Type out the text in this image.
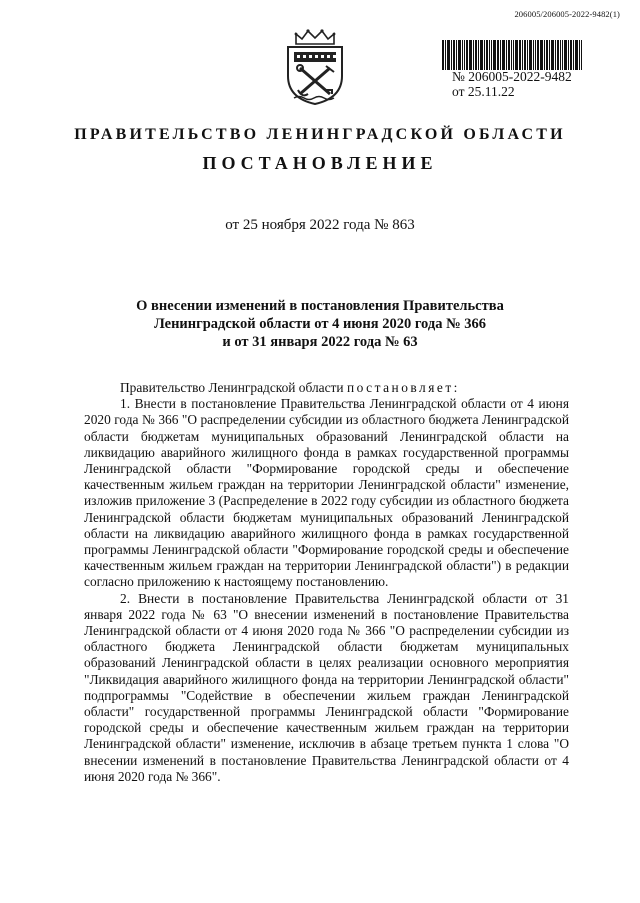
206005/206005-2022-9482(1)
№ 206005-2022-9482
от 25.11.22
ПРАВИТЕЛЬСТВО ЛЕНИНГРАДСКОЙ ОБЛАСТИ
ПОСТАНОВЛЕНИЕ
от 25 ноября 2022 года № 863
О внесении изменений в постановления Правительства
Ленинградской области от 4 июня 2020 года № 366
и от 31 января 2022 года № 63

Правительство Ленинградской области постановляет:

1. Внести в постановление Правительства Ленинградской области от 4 июня 2020 года № 366 "О распределении субсидии из областного бюджета Ленинградской области бюджетам муниципальных образований Ленинградской области на ликвидацию аварийного жилищного фонда в рамках государственной программы Ленинградской области "Формирование городской среды и обеспечение качественным жильем граждан на территории Ленинградской области" изменение, изложив приложение 3 (Распределение в 2022 году субсидии из областного бюджета Ленинградской области бюджетам муниципальных образований Ленинградской области на ликвидацию аварийного жилищного фонда в рамках государственной программы Ленинградской области "Формирование городской среды и обеспечение качественным жильем граждан на территории Ленинградской области") в редакции согласно приложению к настоящему постановлению.

2. Внести в постановление Правительства Ленинградской области от 31 января 2022 года № 63 "О внесении изменений в постановление Правительства Ленинградской области от 4 июня 2020 года № 366 "О распределении субсидии из областного бюджета Ленинградской области бюджетам муниципальных образований Ленинградской области в целях реализации основного мероприятия "Ликвидация аварийного жилищного фонда на территории Ленинградской области" подпрограммы "Содействие в обеспечении жильем граждан Ленинградской области" государственной программы Ленинградской области "Формирование городской среды и обеспечение качественным жильем граждан на территории Ленинградской области" изменение, исключив в абзаце третьем пункта 1 слова "О внесении изменений в постановление Правительства Ленинградской области от 4 июня 2020 года № 366".
